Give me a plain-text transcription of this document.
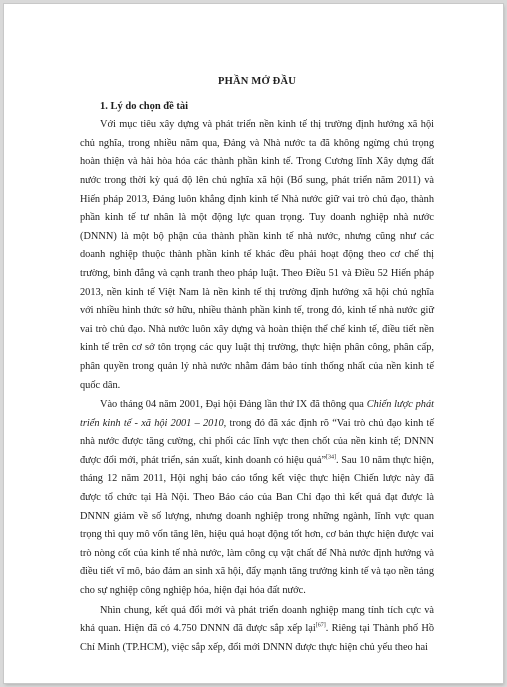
PHẦN MỞ ĐẦU
1. Lý do chọn đề tài

Với mục tiêu xây dựng và phát triển nền kinh tế thị trường định hướng xã hội chủ nghĩa, trong nhiều năm qua, Đảng và Nhà nước ta đã không ngừng chú trọng hoàn thiện và hài hòa hóa các thành phần kinh tế. Trong Cương lĩnh Xây dựng đất nước trong thời kỳ quá độ lên chủ nghĩa xã hội (Bổ sung, phát triển năm 2011) và Hiến pháp 2013, Đảng luôn khẳng định kinh tế Nhà nước giữ vai trò chủ đạo, thành phần kinh tế tư nhân là một động lực quan trọng. Tuy doanh nghiệp nhà nước (DNNN) là một bộ phận của thành phần kinh tế nhà nước, nhưng cũng như các doanh nghiệp thuộc thành phần kinh tế khác đều phải hoạt động theo cơ chế thị trường, bình đẳng và cạnh tranh theo pháp luật. Theo Điều 51 và Điều 52 Hiến pháp 2013, nền kinh tế Việt Nam là nền kinh tế thị trường định hướng xã hội chủ nghĩa với nhiều hình thức sở hữu, nhiều thành phần kinh tế, trong đó, kinh tế nhà nước giữ vai trò chủ đạo. Nhà nước luôn xây dựng và hoàn thiện thể chế kinh tế, điều tiết nền kinh tế trên cơ sở tôn trọng các quy luật thị trường, thực hiện phân công, phân cấp, phân quyền trong quản lý nhà nước nhằm đảm bảo tính thống nhất của nền kinh tế quốc dân.

Vào tháng 04 năm 2001, Đại hội Đảng lần thứ IX đã thông qua Chiến lược phát triển kinh tế - xã hội 2001 – 2010, trong đó đã xác định rõ “Vai trò chủ đạo kinh tế nhà nước được tăng cường, chi phối các lĩnh vực then chốt của nền kinh tế; DNNN được đổi mới, phát triển, sản xuất, kinh doanh có hiệu quả”[34]. Sau 10 năm thực hiện, tháng 12 năm 2011, Hội nghị báo cáo tổng kết việc thực hiện Chiến lược này đã được tổ chức tại Hà Nội. Theo Báo cáo của Ban Chỉ đạo thì kết quả đạt được là DNNN giảm về số lượng, nhưng doanh nghiệp trong những ngành, lĩnh vực quan trọng thì quy mô vốn tăng lên, hiệu quả hoạt động tốt hơn, cơ bản thực hiện được vai trò nòng cốt của kinh tế nhà nước, làm công cụ vật chất để Nhà nước định hướng và điều tiết vĩ mô, bảo đảm an sinh xã hội, đẩy mạnh tăng trưởng kinh tế và tạo nền tảng cho sự nghiệp công nghiệp hóa, hiện đại hóa đất nước.

Nhìn chung, kết quả đổi mới và phát triển doanh nghiệp mang tính tích cực và khả quan. Hiện đã có 4.750 DNNN đã được sắp xếp lại[67]. Riêng tại Thành phố Hồ Chí Minh (TP.HCM), việc sắp xếp, đổi mới DNNN được thực hiện chủ yếu theo hai
